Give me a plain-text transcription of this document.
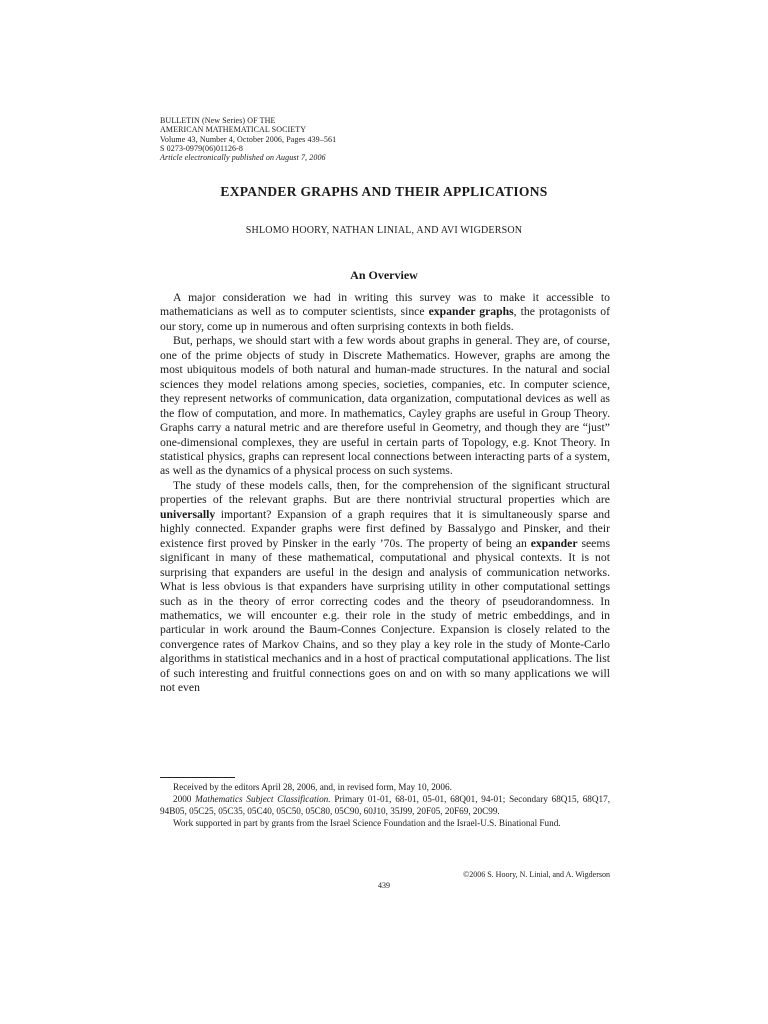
BULLETIN (New Series) OF THE
AMERICAN MATHEMATICAL SOCIETY
Volume 43, Number 4, October 2006, Pages 439–561
S 0273-0979(06)01126-8
Article electronically published on August 7, 2006
EXPANDER GRAPHS AND THEIR APPLICATIONS
SHLOMO HOORY, NATHAN LINIAL, AND AVI WIGDERSON
An Overview

A major consideration we had in writing this survey was to make it accessible to mathematicians as well as to computer scientists, since expander graphs, the protagonists of our story, come up in numerous and often surprising contexts in both fields.

But, perhaps, we should start with a few words about graphs in general. They are, of course, one of the prime objects of study in Discrete Mathematics. However, graphs are among the most ubiquitous models of both natural and human-made structures. In the natural and social sciences they model relations among species, societies, companies, etc. In computer science, they represent networks of communication, data organization, computational devices as well as the flow of computation, and more. In mathematics, Cayley graphs are useful in Group Theory. Graphs carry a natural metric and are therefore useful in Geometry, and though they are “just” one-dimensional complexes, they are useful in certain parts of Topology, e.g. Knot Theory. In statistical physics, graphs can represent local connections between interacting parts of a system, as well as the dynamics of a physical process on such systems.

The study of these models calls, then, for the comprehension of the significant structural properties of the relevant graphs. But are there nontrivial structural properties which are universally important? Expansion of a graph requires that it is simultaneously sparse and highly connected. Expander graphs were first defined by Bassalygo and Pinsker, and their existence first proved by Pinsker in the early ’70s. The property of being an expander seems significant in many of these mathematical, computational and physical contexts. It is not surprising that expanders are useful in the design and analysis of communication networks. What is less obvious is that expanders have surprising utility in other computational settings such as in the theory of error correcting codes and the theory of pseudorandomness. In mathematics, we will encounter e.g. their role in the study of metric embeddings, and in particular in work around the Baum-Connes Conjecture. Expansion is closely related to the convergence rates of Markov Chains, and so they play a key role in the study of Monte-Carlo algorithms in statistical mechanics and in a host of practical computational applications. The list of such interesting and fruitful connections goes on and on with so many applications we will not even

Received by the editors April 28, 2006, and, in revised form, May 10, 2006.

2000 Mathematics Subject Classification. Primary 01-01, 68-01, 05-01, 68Q01, 94-01; Secondary 68Q15, 68Q17, 94B05, 05C25, 05C35, 05C40, 05C50, 05C80, 05C90, 60J10, 35J99, 20F05, 20F69, 20C99.

Work supported in part by grants from the Israel Science Foundation and the Israel-U.S. Binational Fund.

©2006 S. Hoory, N. Linial, and A. Wigderson
439
